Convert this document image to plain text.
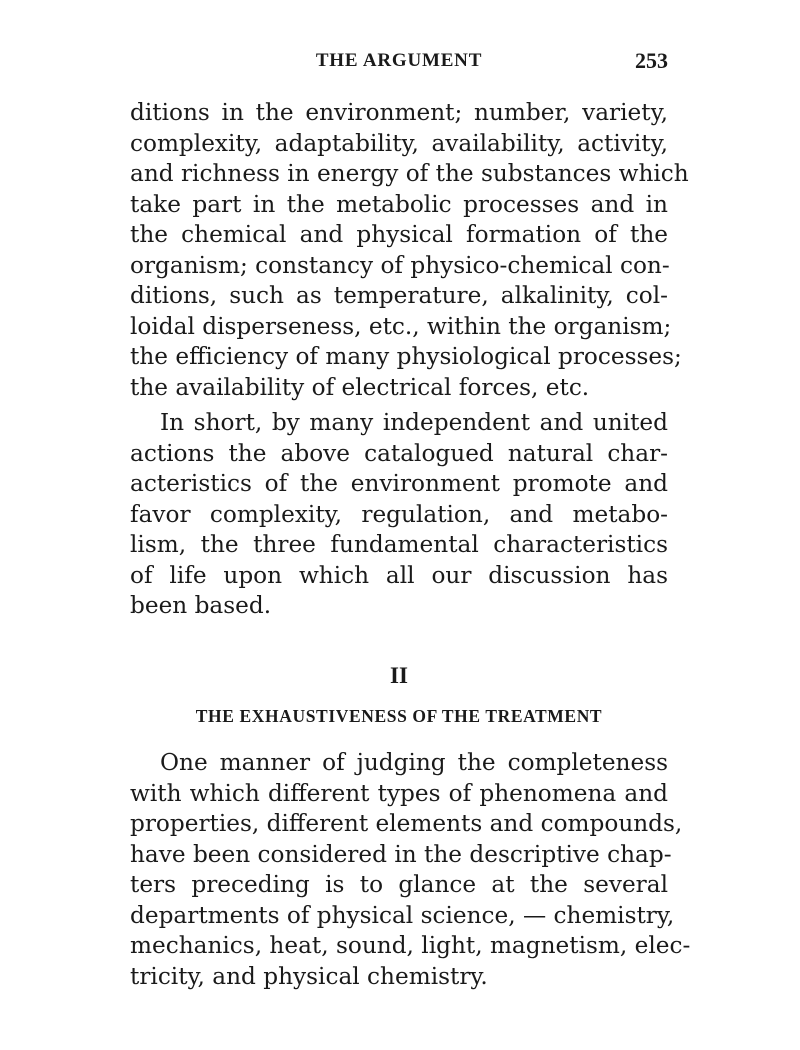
THE ARGUMENT	253
ditions in the environment; number, variety,
complexity, adaptability, availability, activity,
and richness in energy of the substances which
take part in the metabolic processes and in
the chemical and physical formation of the
organism; constancy of physico-chemical con-
ditions, such as temperature, alkalinity, col-
loidal disperseness, etc., within the organism;
the efficiency of many physiological processes;
the availability of electrical forces, etc.
In short, by many independent and united
actions the above catalogued natural char-
acteristics of the environment promote and
favor complexity, regulation, and metabo-
lism, the three fundamental characteristics
of life upon which all our discussion has
been based.
II
THE EXHAUSTIVENESS OF THE TREATMENT
One manner of judging the completeness
with which different types of phenomena and
properties, different elements and compounds,
have been considered in the descriptive chap-
ters preceding is to glance at the several
departments of physical science, — chemistry,
mechanics, heat, sound, light, magnetism, elec-
tricity, and physical chemistry.
